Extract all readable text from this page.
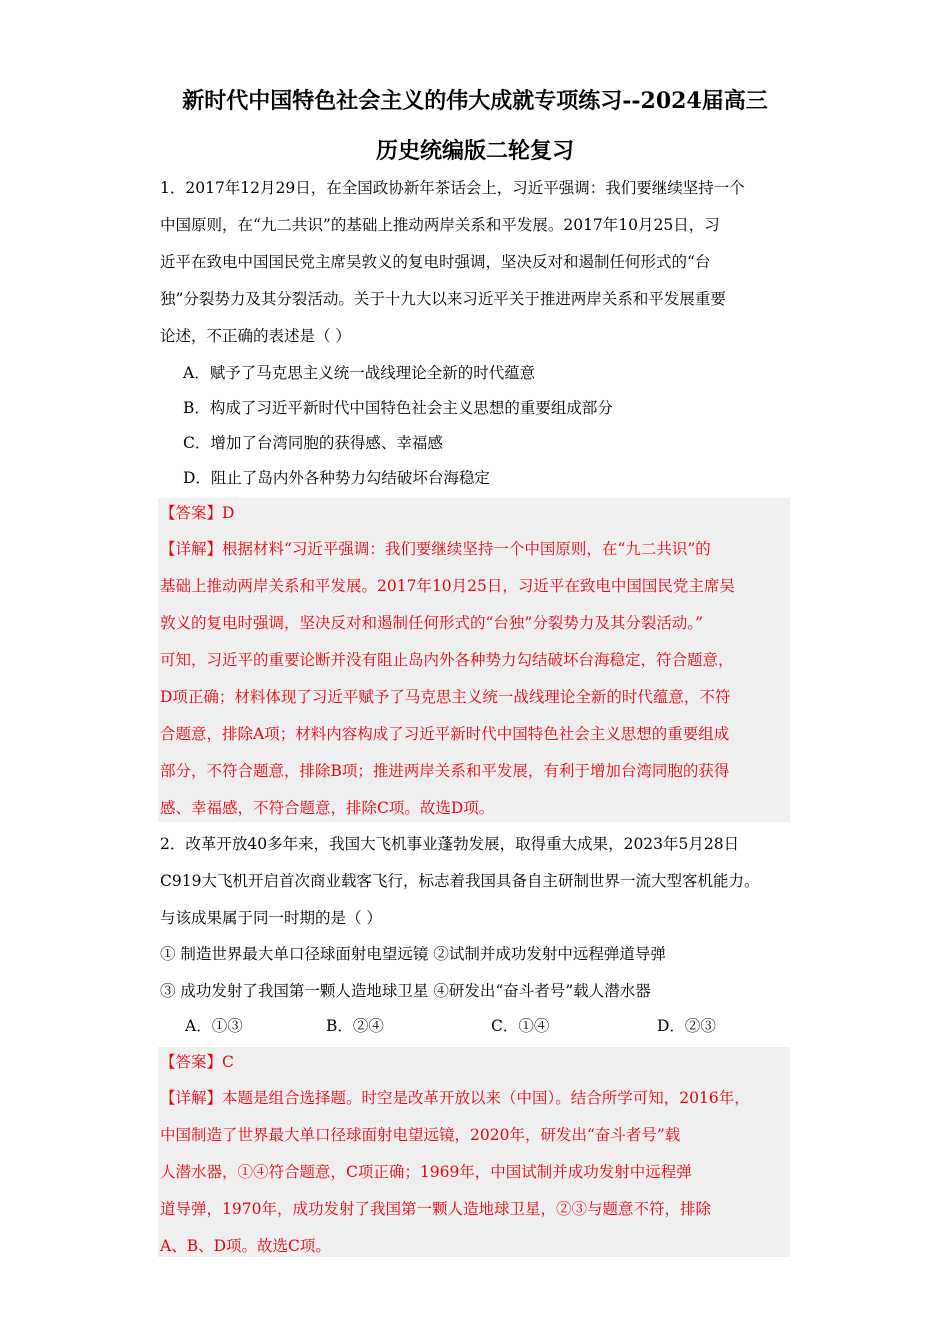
新时代中国特色社会主义的伟大成就专项练习--2024届高三
历史统编版二轮复习
1．2017年12月29日，在全国政协新年茶话会上，习近平强调：我们要继续坚持一个
中国原则，在“九二共识”的基础上推动两岸关系和平发展。2017年10月25日，习
近平在致电中国国民党主席吴敦义的复电时强调，坚决反对和遏制任何形式的“台
独”分裂势力及其分裂活动。关于十九大以来习近平关于推进两岸关系和平发展重要
论述，不正确的表述是（ ）
A．赋予了马克思主义统一战线理论全新的时代蕴意
B．构成了习近平新时代中国特色社会主义思想的重要组成部分
C．增加了台湾同胞的获得感、幸福感
D．阻止了岛内外各种势力勾结破坏台海稳定
【答案】D
【详解】根据材料“习近平强调：我们要继续坚持一个中国原则，在“九二共识”的
基础上推动两岸关系和平发展。2017年10月25日，习近平在致电中国国民党主席吴
敦义的复电时强调，坚决反对和遏制任何形式的“台独”分裂势力及其分裂活动。”
可知，习近平的重要论断并没有阻止岛内外各种势力勾结破坏台海稳定，符合题意，
D项正确；材料体现了习近平赋予了马克思主义统一战线理论全新的时代蕴意，不符
合题意，排除A项；材料内容构成了习近平新时代中国特色社会主义思想的重要组成
部分，不符合题意，排除B项；推进两岸关系和平发展，有利于增加台湾同胞的获得
感、幸福感，不符合题意，排除C项。故选D项。
2．改革开放40多年来，我国大飞机事业蓬勃发展，取得重大成果，2023年5月28日
C919大飞机开启首次商业载客飞行，标志着我国具备自主研制世界一流大型客机能力。
与该成果属于同一时期的是（ ）
① 制造世界最大单口径球面射电望远镜 ②试制并成功发射中远程弹道导弹
③ 成功发射了我国第一颗人造地球卫星 ④研发出“奋斗者号”载人潜水器
A．①③	B．②④	C．①④	D．②③
【答案】C
【详解】本题是组合选择题。时空是改革开放以来（中国）。结合所学可知，2016年，
中国制造了世界最大单口径球面射电望远镜，2020年，研发出“奋斗者号”载
人潜水器，①④符合题意，C项正确；1969年，中国试制并成功发射中远程弹
道导弹，1970年，成功发射了我国第一颗人造地球卫星，②③与题意不符，排除
A、B、D项。故选C项。
